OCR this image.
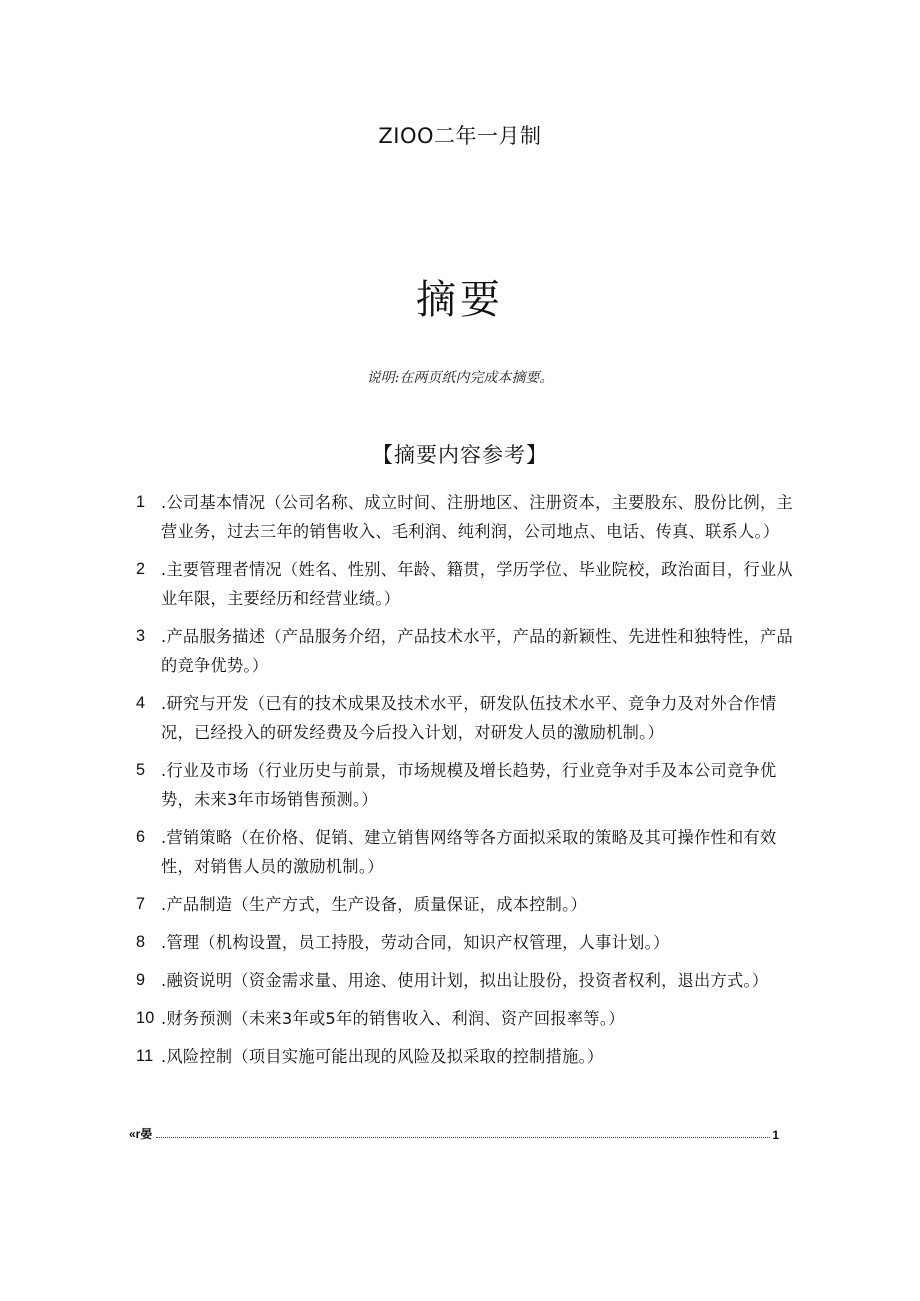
ZIOO二年一月制
摘要
说明:在两页纸内完成本摘要。
【摘要内容参考】
1 .公司基本情况（公司名称、成立时间、注册地区、注册资本，主要股东、股份比例，主营业务，过去三年的销售收入、毛利润、纯利润，公司地点、电话、传真、联系人。）
2 .主要管理者情况（姓名、性别、年龄、籍贯，学历学位、毕业院校，政治面目，行业从业年限，主要经历和经营业绩。）
3 .产品服务描述（产品服务介绍，产品技术水平，产品的新颖性、先进性和独特性，产品的竞争优势。）
4 .研究与开发（已有的技术成果及技术水平，研发队伍技术水平、竞争力及对外合作情况，已经投入的研发经费及今后投入计划，对研发人员的激励机制。）
5 .行业及市场（行业历史与前景，市场规模及增长趋势，行业竞争对手及本公司竞争优势，未来3年市场销售预测。）
6 .营销策略（在价格、促销、建立销售网络等各方面拟采取的策略及其可操作性和有效性，对销售人员的激励机制。）
7 .产品制造（生产方式，生产设备，质量保证，成本控制。）
8 .管理（机构设置，员工持股，劳动合同，知识产权管理，人事计划。）
9 .融资说明（资金需求量、用途、使用计划，拟出让股份，投资者权利，退出方式。）
10 .财务预测（未来3年或5年的销售收入、利润、资产回报率等。）
11 .风险控制（项目实施可能出现的风险及拟采取的控制措施。）
«r晏	1
